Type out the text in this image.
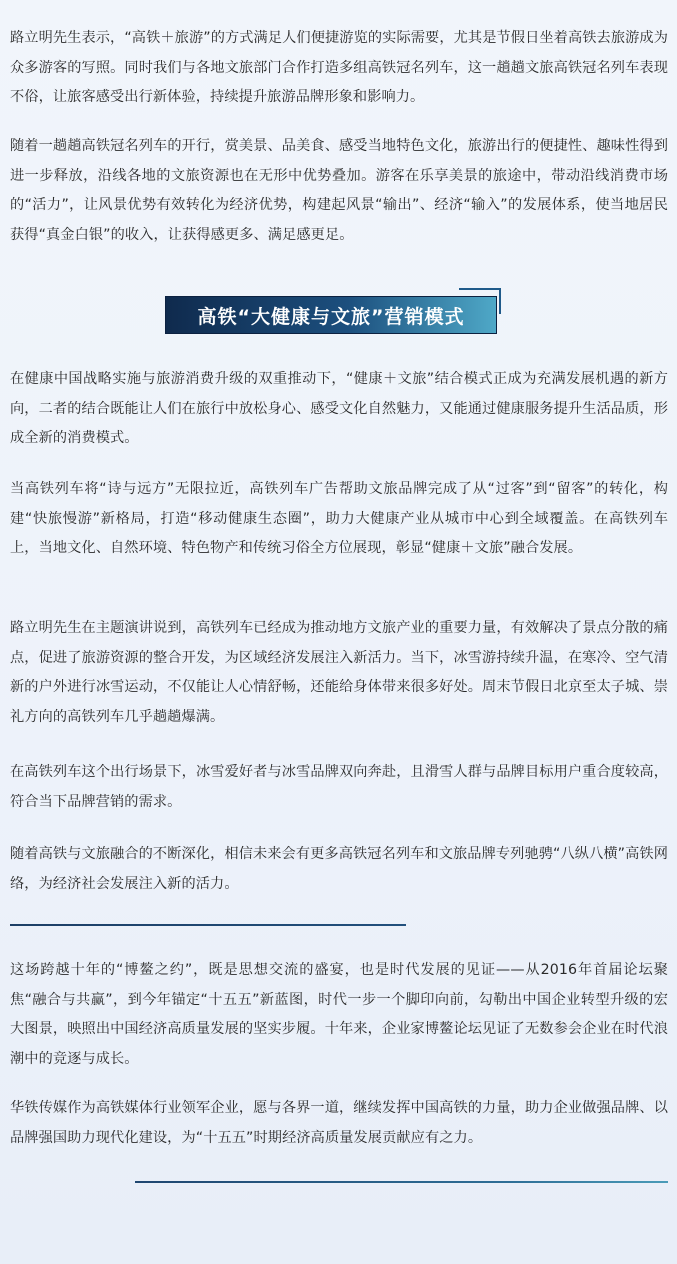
路立明先生表示，“高铁＋旅游”的方式满足人们便捷游览的实际需要，尤其是节假日坐着高铁去旅游成为众多游客的写照。同时我们与各地文旅部门合作打造多组高铁冠名列车，这一趟趟文旅高铁冠名列车表现不俗，让旅客感受出行新体验，持续提升旅游品牌形象和影响力。

随着一趟趟高铁冠名列车的开行，赏美景、品美食、感受当地特色文化，旅游出行的便捷性、趣味性得到进一步释放，沿线各地的文旅资源也在无形中优势叠加。游客在乐享美景的旅途中，带动沿线消费市场的“活力”，让风景优势有效转化为经济优势，构建起风景“输出”、经济“输入”的发展体系，使当地居民获得“真金白银”的收入，让获得感更多、满足感更足。

高铁“大健康与文旅”营销模式

在健康中国战略实施与旅游消费升级的双重推动下，“健康＋文旅”结合模式正成为充满发展机遇的新方向，二者的结合既能让人们在旅行中放松身心、感受文化自然魅力，又能通过健康服务提升生活品质，形成全新的消费模式。

当高铁列车将“诗与远方”无限拉近，高铁列车广告帮助文旅品牌完成了从“过客”到“留客”的转化，构建“快旅慢游”新格局，打造“移动健康生态圈”，助力大健康产业从城市中心到全域覆盖。在高铁列车上，当地文化、自然环境、特色物产和传统习俗全方位展现，彰显“健康＋文旅”融合发展。

路立明先生在主题演讲说到，高铁列车已经成为推动地方文旅产业的重要力量，有效解决了景点分散的痛点，促进了旅游资源的整合开发，为区域经济发展注入新活力。当下，冰雪游持续升温，在寒冷、空气清新的户外进行冰雪运动，不仅能让人心情舒畅，还能给身体带来很多好处。周末节假日北京至太子城、崇礼方向的高铁列车几乎趟趟爆满。

在高铁列车这个出行场景下，冰雪爱好者与冰雪品牌双向奔赴，且滑雪人群与品牌目标用户重合度较高，符合当下品牌营销的需求。

随着高铁与文旅融合的不断深化，相信未来会有更多高铁冠名列车和文旅品牌专列驰骋“八纵八横”高铁网络，为经济社会发展注入新的活力。

这场跨越十年的“博鳌之约”，既是思想交流的盛宴，也是时代发展的见证——从2016年首届论坛聚焦“融合与共赢”，到今年锚定“十五五”新蓝图，时代一步一个脚印向前，勾勒出中国企业转型升级的宏大图景，映照出中国经济高质量发展的坚实步履。十年来，企业家博鳌论坛见证了无数参会企业在时代浪潮中的竞逐与成长。

华铁传媒作为高铁媒体行业领军企业，愿与各界一道，继续发挥中国高铁的力量，助力企业做强品牌、以品牌强国助力现代化建设，为“十五五”时期经济高质量发展贡献应有之力。
